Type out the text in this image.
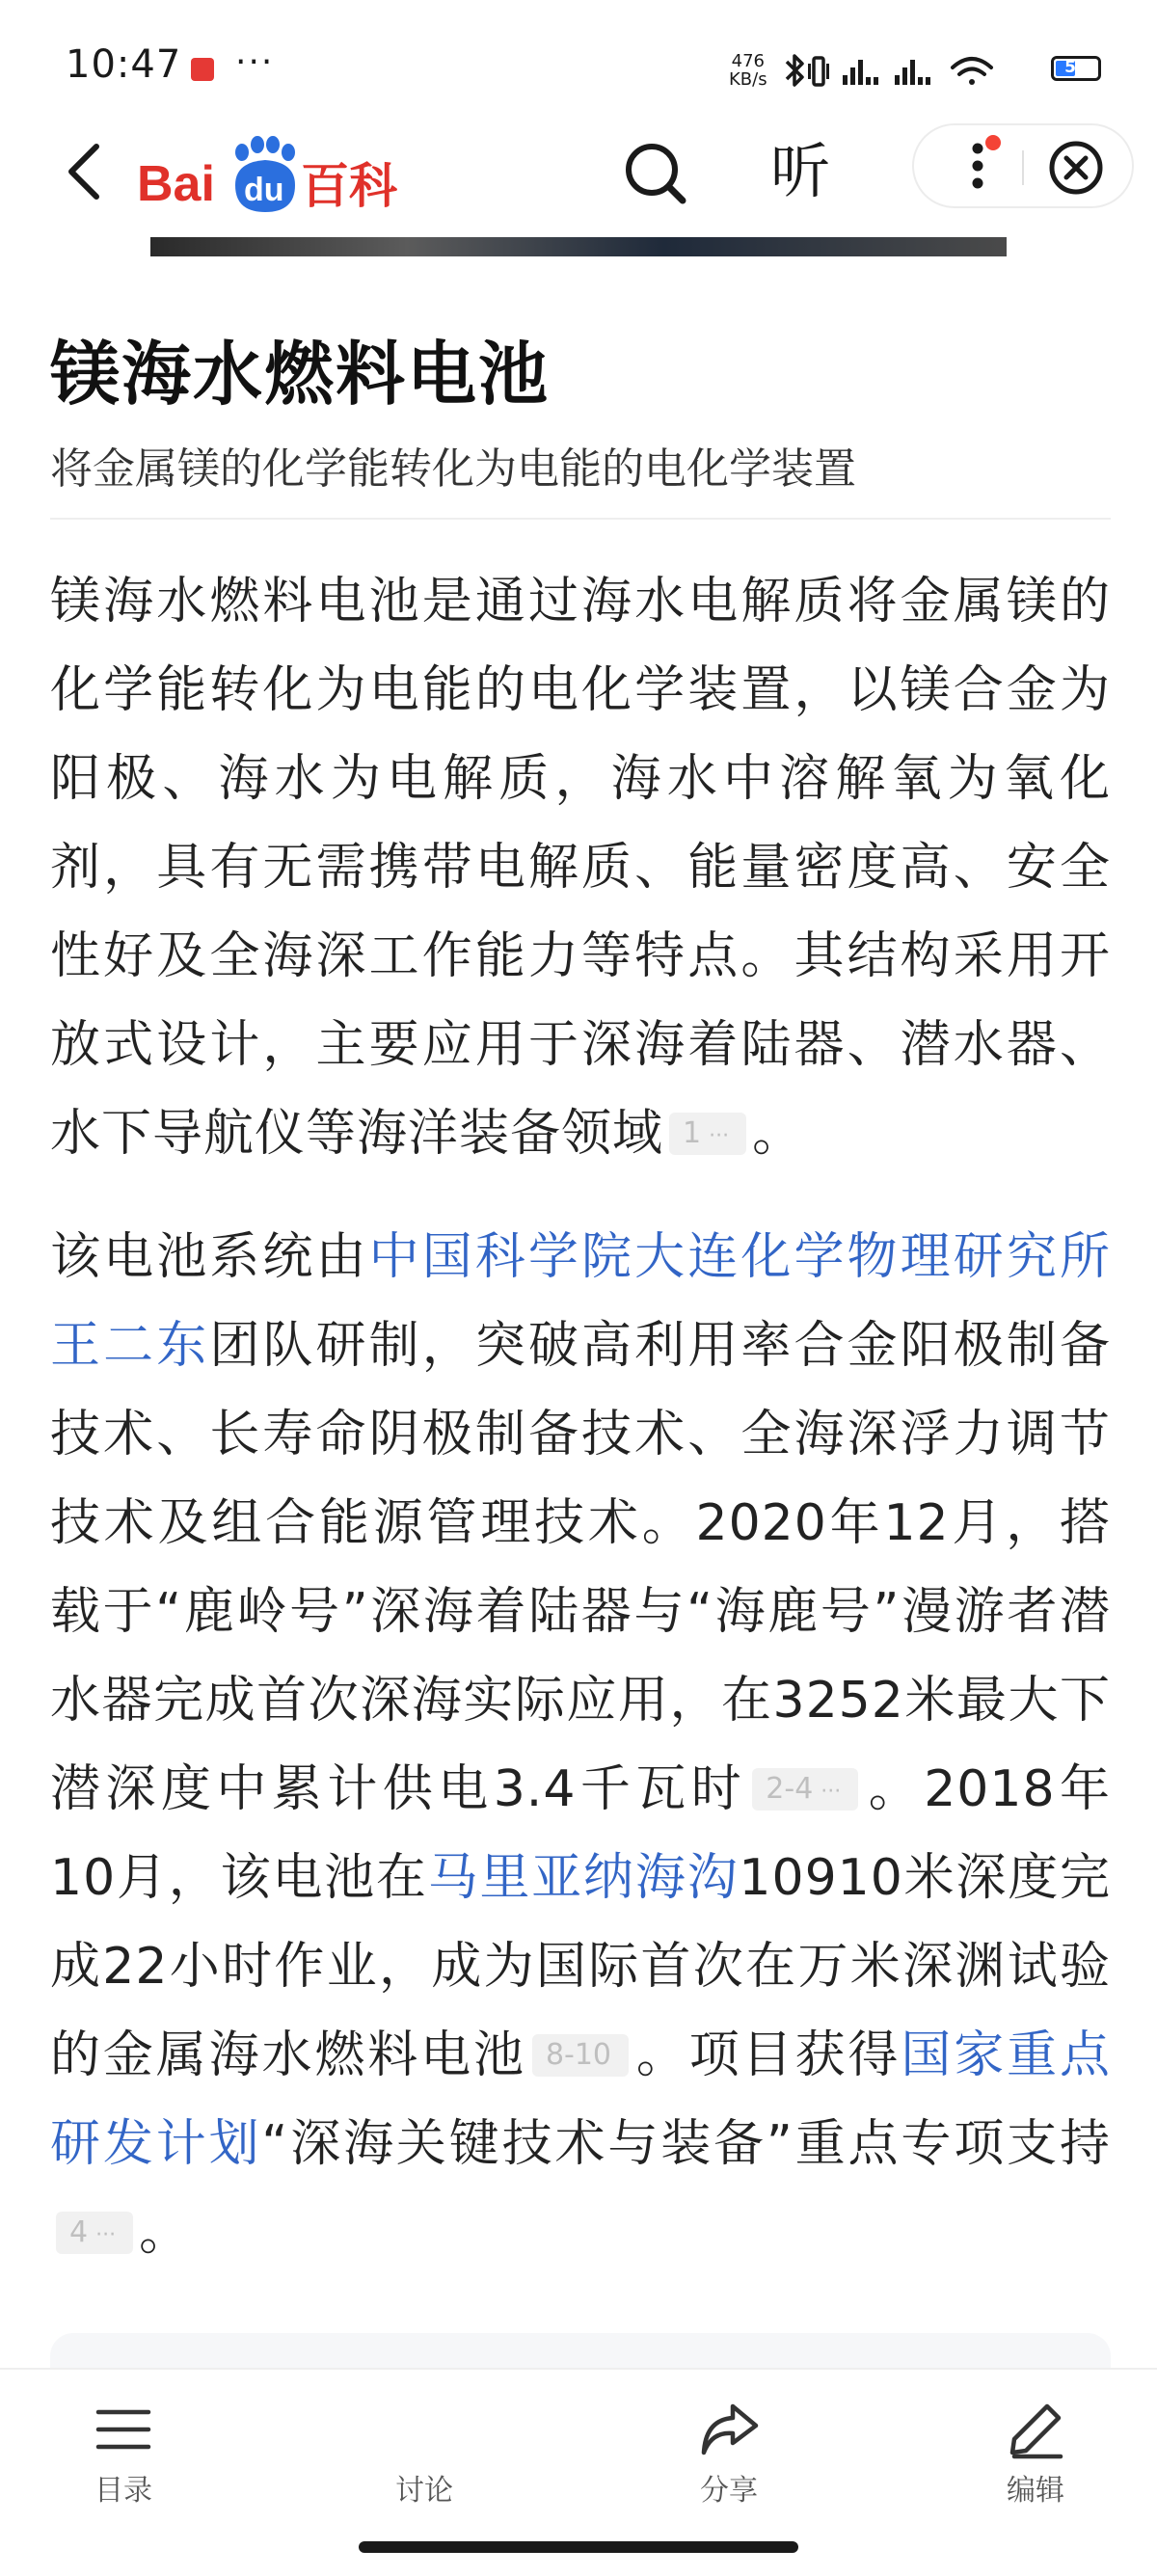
10:47 ···	476
KB/s
52
Bai du 百科	听
镁海水燃料电池
将金属镁的化学能转化为电能的电化学装置

镁海水燃料电池是通过海水电解质将金属镁的化学能转化为电能的电化学装置，以镁合金为阳极、海水为电解质，海水中溶解氧为氧化剂，具有无需携带电解质、能量密度高、安全性好及全海深工作能力等特点。其结构采用开放式设计，主要应用于深海着陆器、潜水器、水下导航仪等海洋装备领域 1 ··· 。

该电池系统由中国科学院大连化学物理研究所王二东团队研制，突破高利用率合金阳极制备技术、长寿命阴极制备技术、全海深浮力调节技术及组合能源管理技术。2020年12月，搭载于“鹿岭号”深海着陆器与“海鹿号”漫游者潜水器完成首次深海实际应用，在3252米最大下潜深度中累计供电3.4千瓦时 2-4 ··· 。2018年10月，该电池在马里亚纳海沟10910米深度完成22小时作业，成为国际首次在万米深渊试验的金属海水燃料电池 8-10 。项目获得国家重点研发计划“深海关键技术与装备”重点专项支持4 ··· 。

目录	讨论	分享	编辑
